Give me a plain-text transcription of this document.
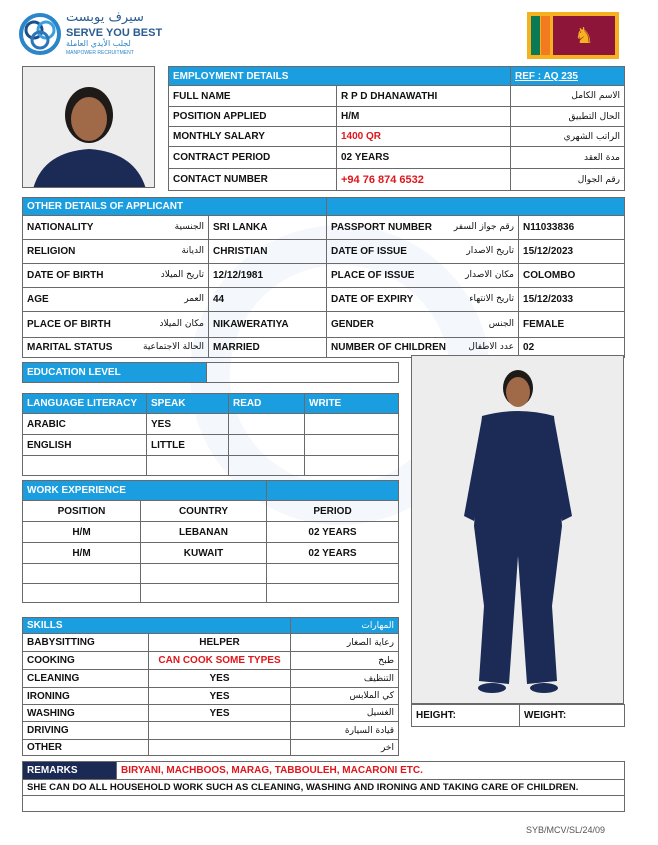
سيرف يوبست
SERVE YOU BEST
لجلب الأيدي العاملة
MANPOWER RECRUITMENT
♞
EMPLOYMENT DETAILS		REF : AQ 235
FULL NAME	R P D DHANAWATHI	الاسم الكامل
POSITION APPLIED	H/M	الحال التطبيق
MONTHLY SALARY	1400 QR	الراتب الشهري
CONTRACT PERIOD	02 YEARS	مدة العقد
CONTACT NUMBER	+94 76 874 6532	رقم الجوال
OTHER DETAILS OF APPLICANT			
NATIONALITY الجنسية	SRI LANKA	PASSPORT NUMBER رقم جواز السفر	N11033836
RELIGION الديانة	CHRISTIAN	DATE OF ISSUE تاريخ الاصدار	15/12/2023
DATE OF BIRTH تاريخ الميلاد	12/12/1981	PLACE OF ISSUE مكان الاصدار	COLOMBO
AGE العمر	44	DATE OF EXPIRY تاريخ الانتهاء	15/12/2033
PLACE OF BIRTH مكان الميلاد	NIKAWERATIYA	GENDER الجنس	FEMALE
MARITAL STATUS الحالة الاجتماعية	MARRIED	NUMBER OF CHILDREN عدد الاطفال	02
EDUCATION LEVEL	
LANGUAGE LITERACY	SPEAK	READ	WRITE
ARABIC	YES		
ENGLISH	LITTLE		

WORK EXPERIENCE		
POSITION	COUNTRY	PERIOD
H/M	LEBANAN	02 YEARS
H/M	KUWAIT	02 YEARS

SKILLS		المهارات
BABYSITTING	HELPER	رعاية الصغار
COOKING	CAN COOK SOME TYPES	طبخ
CLEANING	YES	التنظيف
IRONING	YES	كي الملابس
WASHING	YES	الغسيل
DRIVING		قيادة السيارة
OTHER		اخر
HEIGHT:	WEIGHT:
REMARKS	BIRYANI, MACHBOOS, MARAG, TABBOULEH, MACARONI ETC.
SHE CAN DO ALL HOUSEHOLD WORK SUCH AS CLEANING, WASHING AND IRONING AND TAKING CARE OF CHILDREN.

SYB/MCV/SL/24/09
